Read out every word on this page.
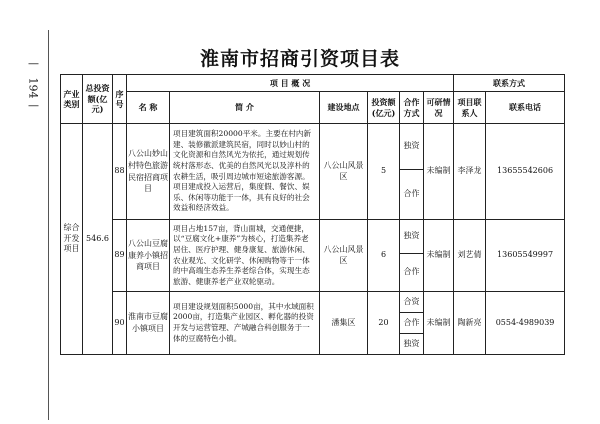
—
194
—
淮南市招商引资项目表
产业类别	总投资额(亿元)	序号	项 目 概 况						联系方式	
			名 称	简 介	建设地点	投资额(亿元)	合作方式	可研情况	项目联系人	联系电话
综合开发项目	546.6	88	八公山妙山村特色旅游民宿招商项目	项目建筑面积20000平米。主要在村内新建、装修徽派建筑民宿，同时以妙山村的文化资源和自然风光为依托，通过规划传统村落形态、优美的自然风光以及淳朴的农耕生活，吸引周边城市短途旅游客源。项目建成投入运营后，集度假、餐饮、娱乐、休闲等功能于一体，具有良好的社会效益和经济效益。	八公山风景区	5	独资	未编制	李泽龙	13655542606
							合作			
		89	八公山豆腐康养小镇招商项目	项目占地157亩，背山面城，交通便捷，以“豆腐文化+康养”为核心，打造集养老居住、医疗护理、健身康复、旅游休闲、农业观光、文化研学、休闲购物等于一体的中高端生态养生养老综合体，实现生态旅游、健康养老产业双轮驱动。	八公山风景区	6	独资	未编制	刘艺倩	13605549997
							合作			
		90	淮南市豆腐小镇项目	项目建设规划面积5000亩，其中水域面积2000亩，打造集产业园区、孵化器的投资开发与运营管理、产城融合科创服务于一体的豆腐特色小镇。	潘集区	20	合资	未编制	陶新亮	0554-4989039
							合作			
							独资			
